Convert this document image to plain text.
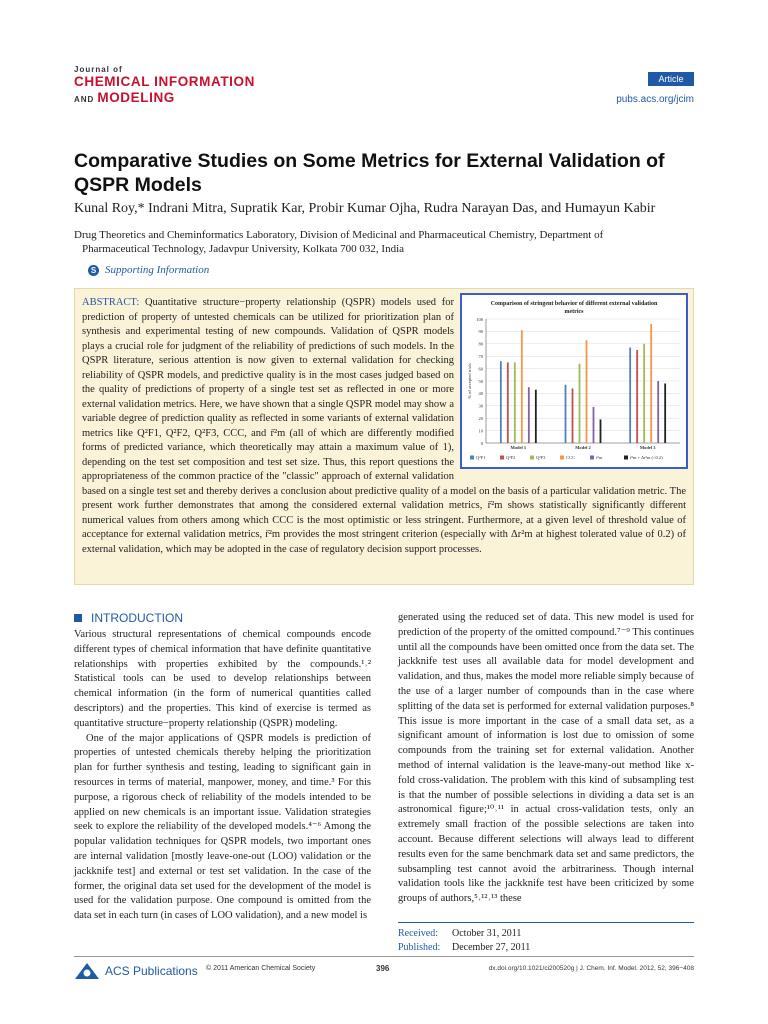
Journal of
CHEMICAL INFORMATION
AND MODELING
Article
pubs.acs.org/jcim
Comparative Studies on Some Metrics for External Validation of QSPR Models
Kunal Roy,* Indrani Mitra, Supratik Kar, Probir Kumar Ojha, Rudra Narayan Das, and Humayun Kabir
Drug Theoretics and Cheminformatics Laboratory, Division of Medicinal and Pharmaceutical Chemistry, Department of
Pharmaceutical Technology, Jadavpur University, Kolkata 700 032, India
S Supporting Information
ABSTRACT: Quantitative structure−property relationship (QSPR) models used for prediction of property of untested chemicals can be utilized for prioritization plan of synthesis and experimental testing of new compounds. Validation of QSPR models plays a crucial role for judgment of the reliability of predictions of such models. In the QSPR literature, serious attention is now given to external validation for checking reliability of QSPR models, and predictive quality is in the most cases judged based on the quality of predictions of property of a single test set as reflected in one or more external validation metrics. Here, we have shown that a single QSPR model may show a variable degree of prediction quality as reflected in some variants of external validation metrics like Q²F1, Q²F2, Q²F3, CCC, and r̄²m (all of which are differently modified forms of predicted variance, which theoretically may attain a maximum value of 1), depending on the test set composition and test set size. Thus, this report questions the appropriateness of the common practice of the "classic" approach of external validation based on a single test set and thereby derives a conclusion about predictive quality of a model on the basis of a particular validation metric. The present work further demonstrates that among the considered external validation metrics, r̄²m shows statistically significantly different numerical values from others among which CCC is the most optimistic or less stringent. Furthermore, at a given level of threshold value of acceptance for external validation metrics, r̄²m provides the most stringent criterion (especially with Δr²m at highest tolerated value of 0.2) of external validation, which may be adopted in the case of regulatory decision support processes.
Comparison of stringent behavior of different external validation
metrics
0
10
20
30
40
50
60
70
80
90
100
% of accepted trials
Model 1	Model 2	Model 3
Q²F1	Q²F2	Q²F3	CCC	r̄²m	r̄²m + Δr²m (<0.2)
INTRODUCTION

Various structural representations of chemical compounds encode different types of chemical information that have definite quantitative relationships with properties exhibited by the compounds.¹˒² Statistical tools can be used to develop relationships between chemical information (in the form of numerical quantities called descriptors) and the properties. This kind of exercise is termed as quantitative structure−property relationship (QSPR) modeling.

One of the major applications of QSPR models is prediction of properties of untested chemicals thereby helping the prioritization plan for further synthesis and testing, leading to significant gain in resources in terms of material, manpower, money, and time.³ For this purpose, a rigorous check of reliability of the models intended to be applied on new chemicals is an important issue. Validation strategies seek to explore the reliability of the developed models.⁴⁻⁶ Among the popular validation techniques for QSPR models, two important ones are internal validation [mostly leave-one-out (LOO) validation or the jackknife test] and external or test set validation. In the case of the former, the original data set used for the development of the model is used for the validation purpose. One compound is omitted from the data set in each turn (in cases of LOO validation), and a new model is

generated using the reduced set of data. This new model is used for prediction of the property of the omitted compound.⁷⁻⁹ This continues until all the compounds have been omitted once from the data set. The jackknife test uses all available data for model development and validation, and thus, makes the model more reliable simply because of the use of a larger number of compounds than in the case where splitting of the data set is performed for external validation purposes.⁸ This issue is more important in the case of a small data set, as a significant amount of information is lost due to omission of some compounds from the training set for external validation. Another method of internal validation is the leave-many-out method like x-fold cross-validation. The problem with this kind of subsampling test is that the number of possible selections in dividing a data set is an astronomical figure;¹⁰˒¹¹ in actual cross-validation tests, only an extremely small fraction of the possible selections are taken into account. Because different selections will always lead to different results even for the same benchmark data set and same predictors, the subsampling test cannot avoid the arbitrariness. Though internal validation tools like the jackknife test have been criticized by some groups of authors,⁵˒¹²˒¹³ these

Received: October 31, 2011
Published: December 27, 2011
ACS Publications © 2011 American Chemical Society	396	dx.doi.org/10.1021/ci200520g | J. Chem. Inf. Model. 2012, 52, 396−408
